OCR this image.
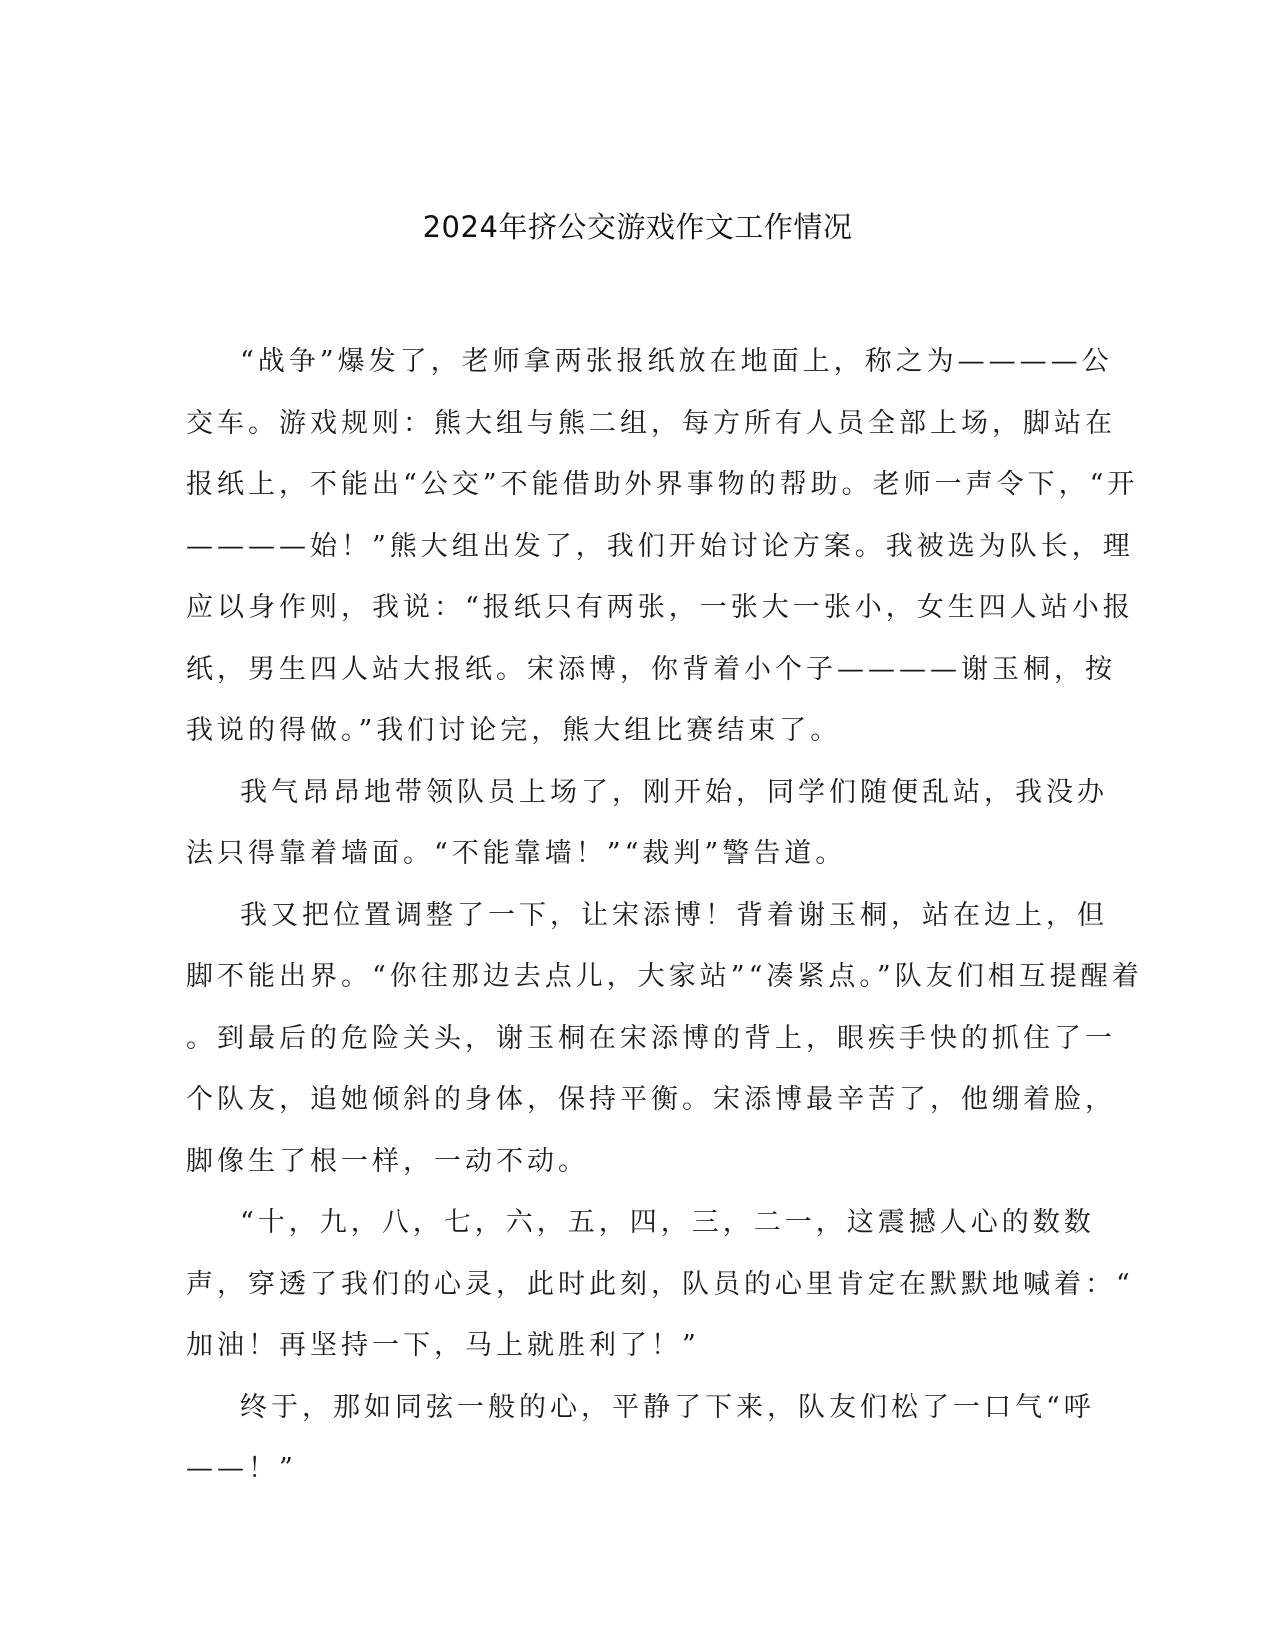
2024年挤公交游戏作文工作情况

“战争”爆发了，老师拿两张报纸放在地面上，称之为————公
交车。游戏规则：熊大组与熊二组，每方所有人员全部上场，脚站在
报纸上，不能出“公交”不能借助外界事物的帮助。老师一声令下，“开
————始！”熊大组出发了，我们开始讨论方案。我被选为队长，理
应以身作则，我说：“报纸只有两张，一张大一张小，女生四人站小报
纸，男生四人站大报纸。宋添博，你背着小个子————谢玉桐，按
我说的得做。”我们讨论完，熊大组比赛结束了。

我气昂昂地带领队员上场了，刚开始，同学们随便乱站，我没办
法只得靠着墙面。“不能靠墙！”“裁判”警告道。

我又把位置调整了一下，让宋添博！背着谢玉桐，站在边上，但
脚不能出界。“你往那边去点儿，大家站”“凑紧点。”队友们相互提醒着
。到最后的危险关头，谢玉桐在宋添博的背上，眼疾手快的抓住了一
个队友，追她倾斜的身体，保持平衡。宋添博最辛苦了，他绷着脸，
脚像生了根一样，一动不动。

“十，九，八，七，六，五，四，三，二一，这震撼人心的数数
声，穿透了我们的心灵，此时此刻，队员的心里肯定在默默地喊着：“
加油！再坚持一下，马上就胜利了！”

终于，那如同弦一般的心，平静了下来，队友们松了一口气“呼
——！”
